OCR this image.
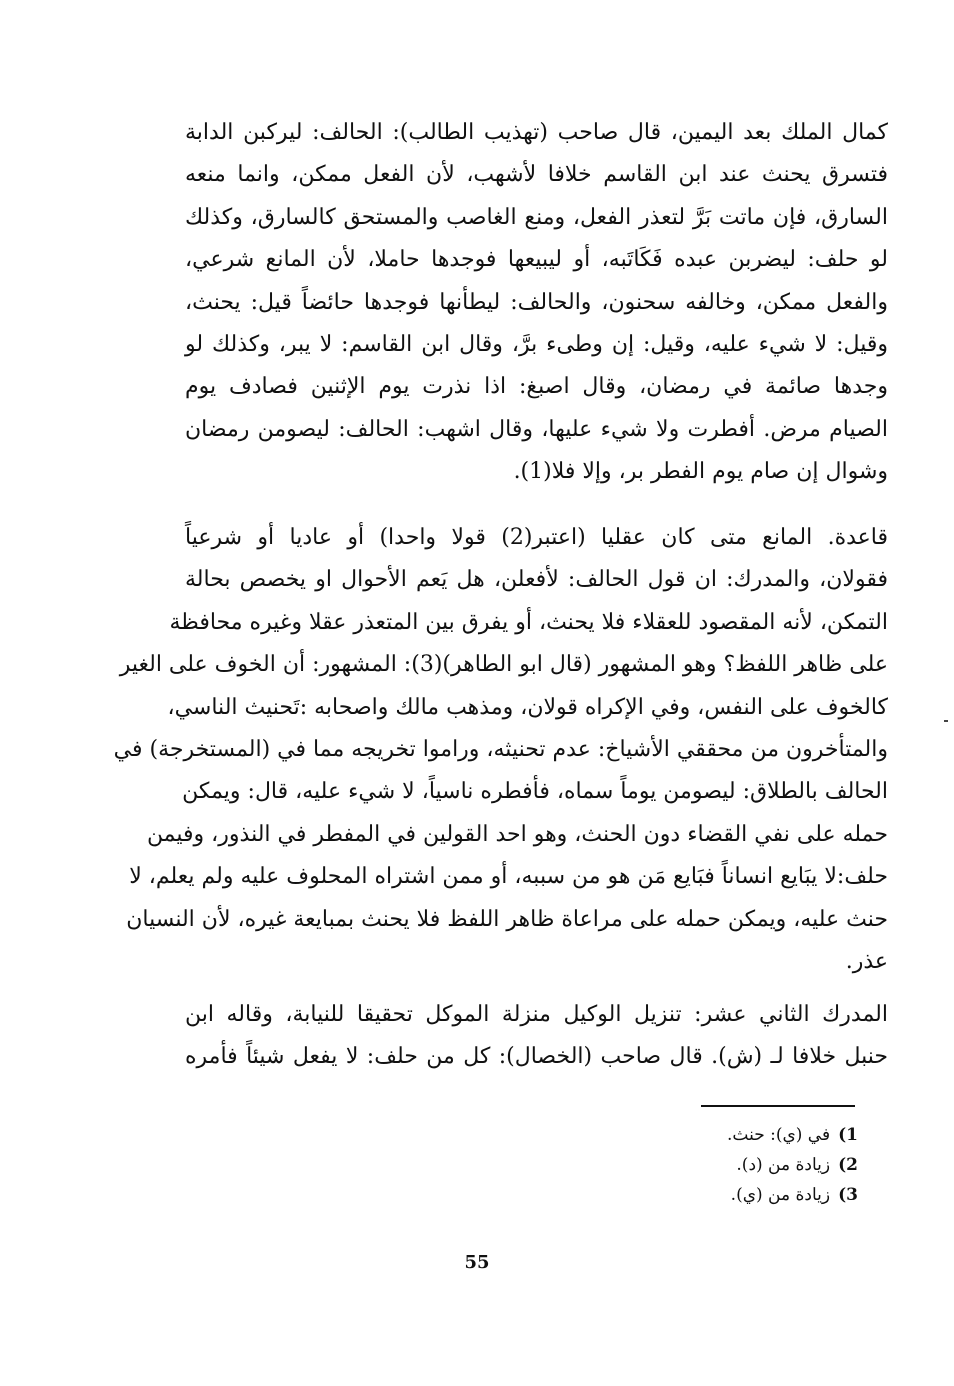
كمال الملك بعد اليمين، قال صاحب (تهذيب الطالب): الحالف: ليركبن الدابة
فتسرق يحنث عند ابن القاسم خلافا لأشهب، لأن الفعل ممكن، وانما منعه
السارق، فإن ماتت بَرَّ لتعذر الفعل، ومنع الغاصب والمستحق كالسارق، وكذلك
لو حلف: ليضربن عبده فَكَاتَبه، أو ليبيعها فوجدها حاملا، لأن المانع شرعي،
والفعل ممكن، وخالفه سحنون، والحالف: ليطأنها فوجدها حائضاً قيل: يحنث،
وقيل: لا شيء عليه، وقيل: إن وطىء برَّ، وقال ابن القاسم: لا يبر، وكذلك لو
وجدها صائمة في رمضان، وقال اصبغ: اذا نذرت يوم الإثنين فصادف يوم
الصيام مرض. أفطرت ولا شيء عليها، وقال اشهب: الحالف: ليصومن رمضان
وشوال إن صام يوم الفطر بر، وإلا فلا(1).
قاعدة. المانع متى كان عقليا (اعتبر(2) قولا واحدا) أو عاديا أو شرعياً
فقولان، والمدرك: ان قول الحالف: لأفعلن، هل يَعم الأحوال او يخصص بحالة
التمكن، لأنه المقصود للعقلاء فلا يحنث، أو يفرق بين المتعذر عقلا وغيره محافظة
على ظاهر اللفظ؟ وهو المشهور (قال ابو الطاهر)(3): المشهور: أن الخوف على الغير
كالخوف على النفس، وفي الإكراه قولان، ومذهب مالك واصحابه :تَحنيث الناسي،
والمتأخرون من محققي الأشياخ: عدم تحنيثه، وراموا تخريجه مما في (المستخرجة) في
الحالف بالطلاق: ليصومن يوماً سماه، فأفطره ناسياً، لا شيء عليه، قال: ويمكن
حمله على نفي القضاء دون الحنث، وهو احد القولين في المفطر في النذور، وفيمن
حلف:لا يبَايع انساناً فبَايع مَن هو من سببه، أو ممن اشتراه المحلوف عليه ولم يعلم، لا
حنث عليه، ويمكن حمله على مراعاة ظاهر اللفظ فلا يحنث بمبايعة غيره، لأن النسيان
عذر.
المدرك الثاني عشر: تنزيل الوكيل منزلة الموكل تحقيقا للنيابة، وقاله ابن
حنبل خلافا لـ (ش). قال صاحب (الخصال): كل من حلف: لا يفعل شيئاً فأمره
1)في (ي): حنث.
2)زيادة من (د).
3)زيادة من (ي).
55
